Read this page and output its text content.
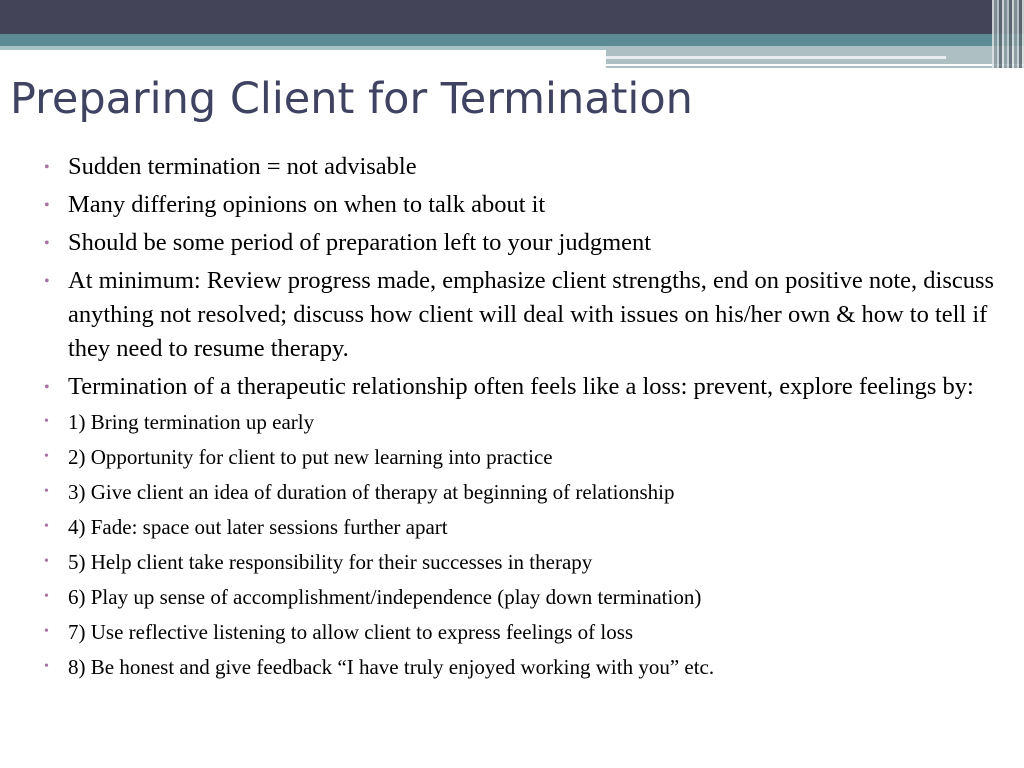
Preparing Client for Termination
• Sudden termination = not advisable
• Many differing opinions on when to talk about it
• Should be some period of preparation left to your judgment
• At minimum: Review progress made, emphasize client strengths, end on positive note, discuss anything not resolved; discuss how client will deal with issues on his/her own & how to tell if they need to resume therapy.
• Termination of a therapeutic relationship often feels like a loss: prevent, explore feelings by:
• 1) Bring termination up early
• 2) Opportunity for client to put new learning into practice
• 3) Give client an idea of duration of therapy at beginning of relationship
• 4) Fade: space out later sessions further apart
• 5) Help client take responsibility for their successes in therapy
• 6) Play up sense of accomplishment/independence (play down termination)
• 7) Use reflective listening to allow client to express feelings of loss
• 8) Be honest and give feedback “I have truly enjoyed working with you” etc.
